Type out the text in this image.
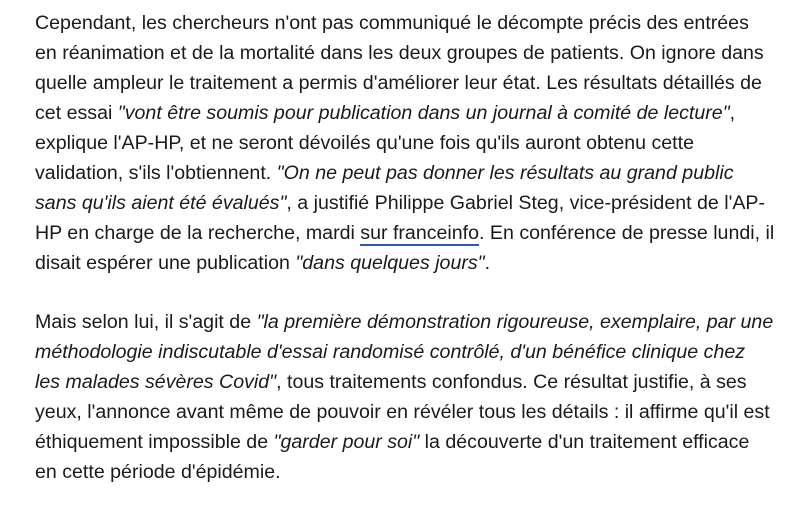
Cependant, les chercheurs n'ont pas communiqué le décompte précis des entrées en réanimation et de la mortalité dans les deux groupes de patients. On ignore dans quelle ampleur le traitement a permis d'améliorer leur état. Les résultats détaillés de cet essai "vont être soumis pour publication dans un journal à comité de lecture", explique l'AP-HP, et ne seront dévoilés qu'une fois qu'ils auront obtenu cette validation, s'ils l'obtiennent. "On ne peut pas donner les résultats au grand public sans qu'ils aient été évalués", a justifié Philippe Gabriel Steg, vice-président de l'AP-HP en charge de la recherche, mardi sur franceinfo. En conférence de presse lundi, il disait espérer une publication "dans quelques jours".

Mais selon lui, il s'agit de "la première démonstration rigoureuse, exemplaire, par une méthodologie indiscutable d'essai randomisé contrôlé, d'un bénéfice clinique chez les malades sévères Covid", tous traitements confondus. Ce résultat justifie, à ses yeux, l'annonce avant même de pouvoir en révéler tous les détails : il affirme qu'il est éthiquement impossible de "garder pour soi" la découverte d'un traitement efficace en cette période d'épidémie.
